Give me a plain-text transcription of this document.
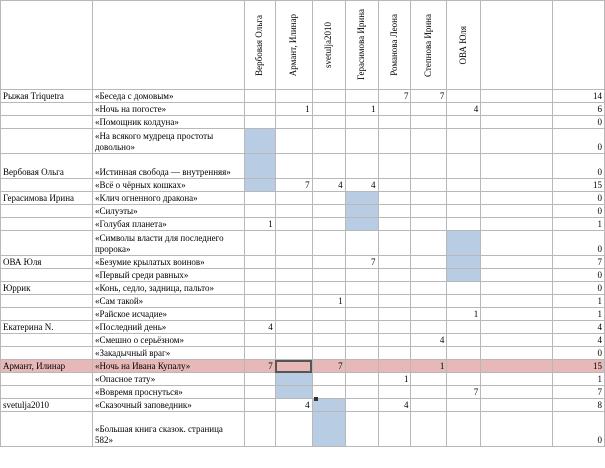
		Вербовая Ольга	Армант, Илинар	svetulja2010	Герасимова Ирина	Романова Леона	Степнова Ирина	ОВА Юля		

Рыжая Triquetra	«Беседа с домовым»					7	7			14
	«Ночь на погосте»		1		1			4		6
	«Помощник колдуна»									0
	«На всякого мудреца простоты довольно»									0
Вербовая Ольга	«Истинная свобода — внутренняя»									0
	«Всё о чёрных кошках»		7	4	4					15
Герасимова Ирина	«Клич огненного дракона»									0
	«Силуэты»									0
	«Голубая планета»	1								1
	«Символы власти для последнего пророка»									0
ОВА Юля	«Безумие крылатых воинов»				7					7
	«Первый среди равных»									0
Юррик	«Конь, седло, задница, пальто»									0
	«Сам такой»			1						1
	«Райское исчадие»							1		1
Екатерина N.	«Последний день»	4								4
	«Смешно о серьёзном»						4			4
	«Закадычный враг»									0
Армант, Илинар	«Ночь на Ивана Купалу»	7		7			1			15
	«Опасное тату»					1				1
	«Вовремя проснуться»							7		7
svetulja2010	«Сказочный заповедник»		4			4				8
	«Большая книга сказок. страница 582»									0
